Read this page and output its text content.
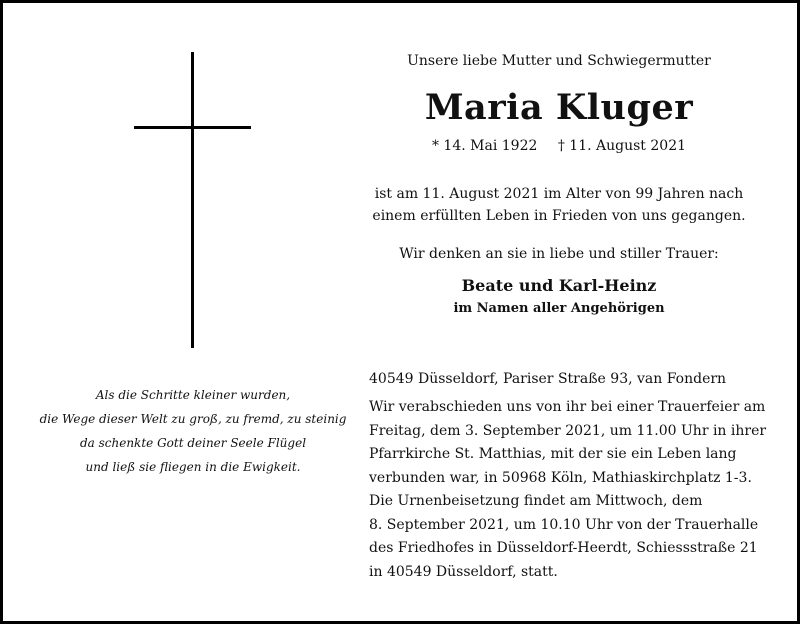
Unsere liebe Mutter und Schwiegermutter
Maria Kluger
* 14. Mai 1922 † 11. August 2021
ist am 11. August 2021 im Alter von 99 Jahren nach
einem erfüllten Leben in Frieden von uns gegangen.
Wir denken an sie in liebe und stiller Trauer:
Beate und Karl-Heinz
im Namen aller Angehörigen
Als die Schritte kleiner wurden,
die Wege dieser Welt zu groß, zu fremd, zu steinig
da schenkte Gott deiner Seele Flügel
und ließ sie fliegen in die Ewigkeit.
40549 Düsseldorf, Pariser Straße 93, van Fondern
Wir verabschieden uns von ihr bei einer Trauerfeier am
Freitag, dem 3. September 2021, um 11.00 Uhr in ihrer
Pfarrkirche St. Matthias, mit der sie ein Leben lang
verbunden war, in 50968 Köln, Mathiaskirchplatz 1-3.
Die Urnenbeisetzung findet am Mittwoch, dem
8. September 2021, um 10.10 Uhr von der Trauerhalle
des Friedhofes in Düsseldorf-Heerdt, Schiessstraße 21
in 40549 Düsseldorf, statt.
